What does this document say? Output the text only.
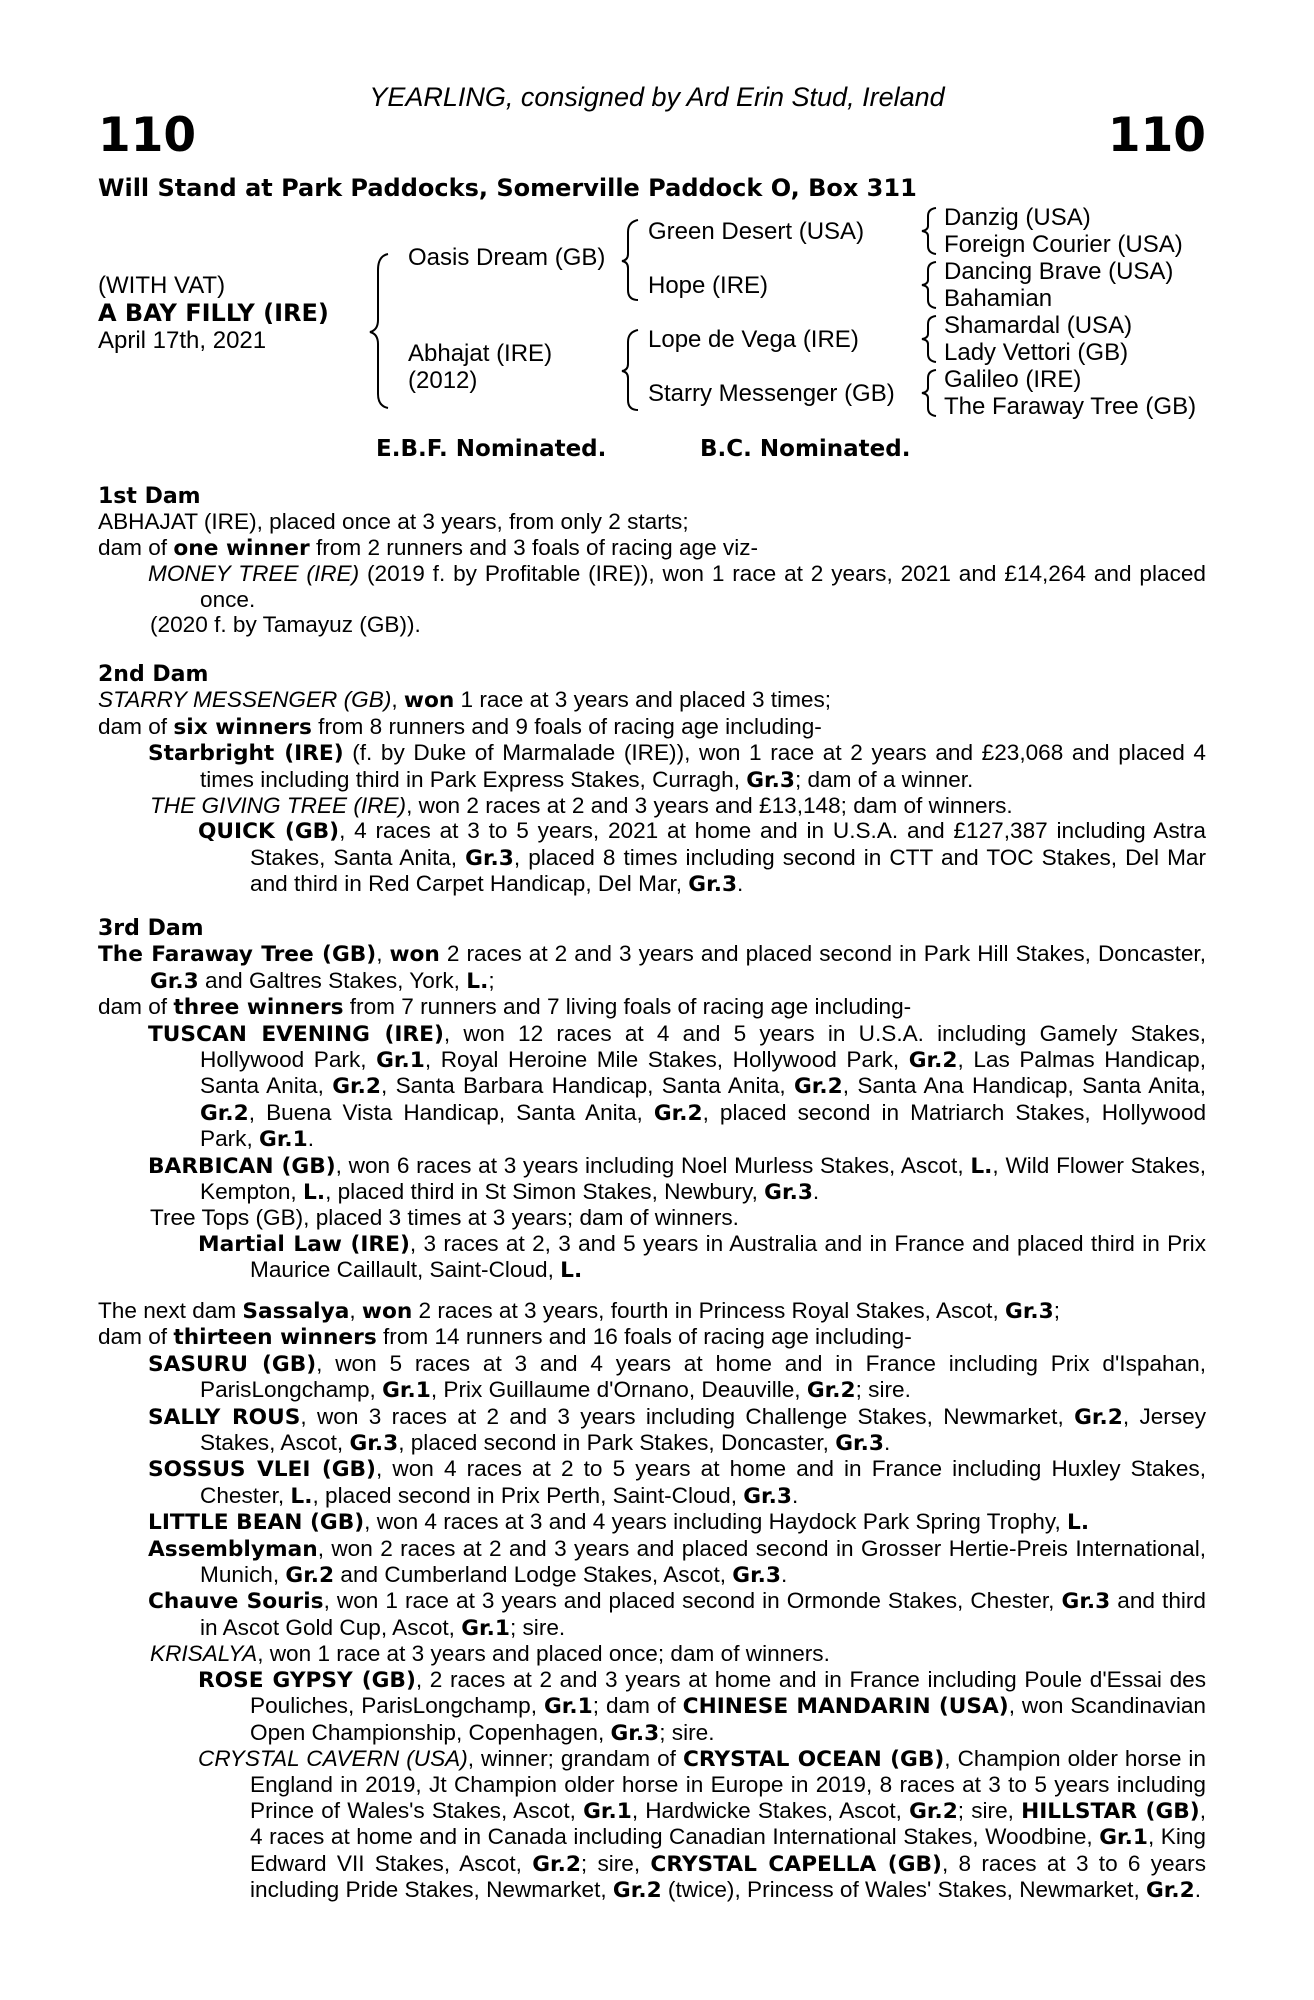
YEARLING, consigned by Ard Erin Stud, Ireland
110	110
Will Stand at Park Paddocks, Somerville Paddock O, Box 311
(WITH VAT)
A BAY FILLY (IRE)
April 17th, 2021
Oasis Dream (GB)
Abhajat (IRE)
(2012)
Green Desert (USA)
Hope (IRE)
Lope de Vega (IRE)
Starry Messenger (GB)
Danzig (USA)
Foreign Courier (USA)
Dancing Brave (USA)
Bahamian
Shamardal (USA)
Lady Vettori (GB)
Galileo (IRE)
The Faraway Tree (GB)
E.B.F. Nominated.	B.C. Nominated.
1st Dam

ABHAJAT (IRE), placed once at 3 years, from only 2 starts;

dam of one winner from 2 runners and 3 foals of racing age viz-

MONEY TREE (IRE) (2019 f. by Profitable (IRE)), won 1 race at 2 years, 2021 and £14,264 and placed once.

(2020 f. by Tamayuz (GB)).

2nd Dam

STARRY MESSENGER (GB), won 1 race at 3 years and placed 3 times;

dam of six winners from 8 runners and 9 foals of racing age including-

Starbright (IRE) (f. by Duke of Marmalade (IRE)), won 1 race at 2 years and £23,068 and placed 4 times including third in Park Express Stakes, Curragh, Gr.3; dam of a winner.

THE GIVING TREE (IRE), won 2 races at 2 and 3 years and £13,148; dam of winners.

QUICK (GB), 4 races at 3 to 5 years, 2021 at home and in U.S.A. and £127,387 including Astra Stakes, Santa Anita, Gr.3, placed 8 times including second in CTT and TOC Stakes, Del Mar and third in Red Carpet Handicap, Del Mar, Gr.3.

3rd Dam

The Faraway Tree (GB), won 2 races at 2 and 3 years and placed second in Park Hill Stakes, Doncaster, Gr.3 and Galtres Stakes, York, L.;

dam of three winners from 7 runners and 7 living foals of racing age including-

TUSCAN EVENING (IRE), won 12 races at 4 and 5 years in U.S.A. including Gamely Stakes, Hollywood Park, Gr.1, Royal Heroine Mile Stakes, Hollywood Park, Gr.2, Las Palmas Handicap, Santa Anita, Gr.2, Santa Barbara Handicap, Santa Anita, Gr.2, Santa Ana Handicap, Santa Anita, Gr.2, Buena Vista Handicap, Santa Anita, Gr.2, placed second in Matriarch Stakes, Hollywood Park, Gr.1.

BARBICAN (GB), won 6 races at 3 years including Noel Murless Stakes, Ascot, L., Wild Flower Stakes, Kempton, L., placed third in St Simon Stakes, Newbury, Gr.3.

Tree Tops (GB), placed 3 times at 3 years; dam of winners.

Martial Law (IRE), 3 races at 2, 3 and 5 years in Australia and in France and placed third in Prix Maurice Caillault, Saint-Cloud, L.

The next dam Sassalya, won 2 races at 3 years, fourth in Princess Royal Stakes, Ascot, Gr.3;

dam of thirteen winners from 14 runners and 16 foals of racing age including-

SASURU (GB), won 5 races at 3 and 4 years at home and in France including Prix d'Ispahan, ParisLongchamp, Gr.1, Prix Guillaume d'Ornano, Deauville, Gr.2; sire.

SALLY ROUS, won 3 races at 2 and 3 years including Challenge Stakes, Newmarket, Gr.2, Jersey Stakes, Ascot, Gr.3, placed second in Park Stakes, Doncaster, Gr.3.

SOSSUS VLEI (GB), won 4 races at 2 to 5 years at home and in France including Huxley Stakes, Chester, L., placed second in Prix Perth, Saint-Cloud, Gr.3.

LITTLE BEAN (GB), won 4 races at 3 and 4 years including Haydock Park Spring Trophy, L.

Assemblyman, won 2 races at 2 and 3 years and placed second in Grosser Hertie-Preis International, Munich, Gr.2 and Cumberland Lodge Stakes, Ascot, Gr.3.

Chauve Souris, won 1 race at 3 years and placed second in Ormonde Stakes, Chester, Gr.3 and third in Ascot Gold Cup, Ascot, Gr.1; sire.

KRISALYA, won 1 race at 3 years and placed once; dam of winners.

ROSE GYPSY (GB), 2 races at 2 and 3 years at home and in France including Poule d'Essai des Pouliches, ParisLongchamp, Gr.1; dam of CHINESE MANDARIN (USA), won Scandinavian Open Championship, Copenhagen, Gr.3; sire.

CRYSTAL CAVERN (USA), winner; grandam of CRYSTAL OCEAN (GB), Champion older horse in England in 2019, Jt Champion older horse in Europe in 2019, 8 races at 3 to 5 years including Prince of Wales's Stakes, Ascot, Gr.1, Hardwicke Stakes, Ascot, Gr.2; sire, HILLSTAR (GB), 4 races at home and in Canada including Canadian International Stakes, Woodbine, Gr.1, King Edward VII Stakes, Ascot, Gr.2; sire, CRYSTAL CAPELLA (GB), 8 races at 3 to 6 years including Pride Stakes, Newmarket, Gr.2 (twice), Princess of Wales' Stakes, Newmarket, Gr.2.
